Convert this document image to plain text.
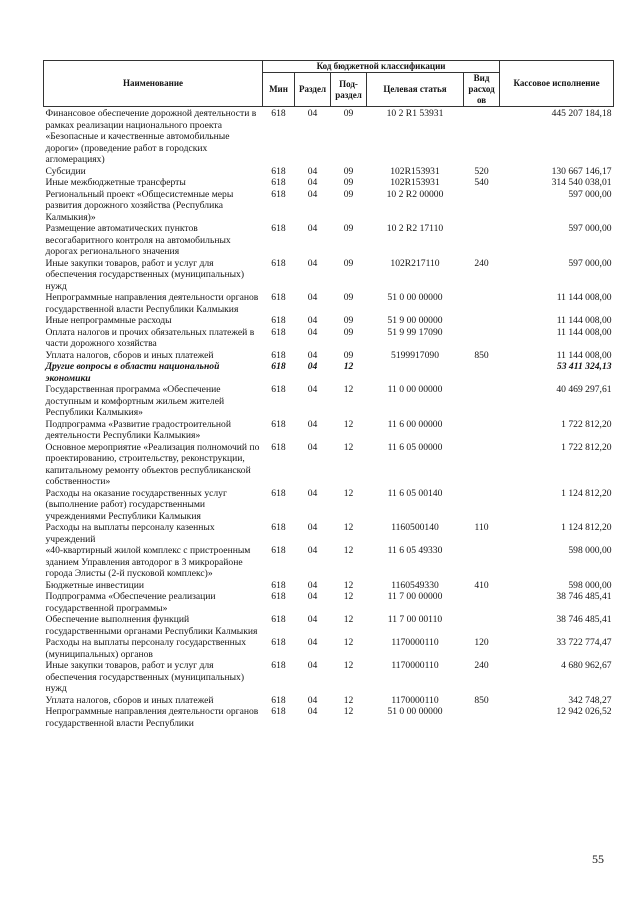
Наименование	Код бюджетной классификации					Кассовое исполнение
	Мин	Раздел	Под-раздел	Целевая статья	Вид расход ов	
Финансовое обеспечение дорожной деятельности в рамках реализации национального проекта «Безопасные и качественные автомобильные дороги» (проведение работ в городских агломерациях)	618	04	09	10 2 R1 53931		445 207 184,18
Субсидии	618	04	09	102R153931	520	130 667 146,17
Иные межбюджетные трансферты	618	04	09	102R153931	540	314 540 038,01
Региональный проект «Общесистемные меры развития дорожного хозяйства (Республика Калмыкия)»	618	04	09	10 2 R2 00000		597 000,00
Размещение автоматических пунктов весогабаритного контроля на автомобильных дорогах регионального значения	618	04	09	10 2 R2 17110		597 000,00
Иные закупки товаров, работ и услуг для обеспечения государственных (муниципальных) нужд	618	04	09	102R217110	240	597 000,00
Непрограммные направления деятельности органов государственной власти Республики Калмыкия	618	04	09	51 0 00 00000		11 144 008,00
Иные непрограммные расходы	618	04	09	51 9 00 00000		11 144 008,00
Оплата налогов и прочих обязательных платежей в части дорожного хозяйства	618	04	09	51 9 99 17090		11 144 008,00
Уплата налогов, сборов и иных платежей	618	04	09	5199917090	850	11 144 008,00
Другие вопросы в области национальной экономики	618	04	12			53 411 324,13
Государственная программа «Обеспечение доступным и комфортным жильем жителей Республики Калмыкия»	618	04	12	11 0 00 00000		40 469 297,61
Подпрограмма «Развитие градостроительной деятельности Республики Калмыкия»	618	04	12	11 6 00 00000		1 722 812,20
Основное мероприятие «Реализация полномочий по проектированию, строительству, реконструкции, капитальному ремонту объектов республиканской собственности»	618	04	12	11 6 05 00000		1 722 812,20
Расходы на оказание государственных услуг (выполнение работ) государственными учреждениями Республики Калмыкия	618	04	12	11 6 05 00140		1 124 812,20
Расходы на выплаты персоналу казенных учреждений	618	04	12	1160500140	110	1 124 812,20
«40-квартирный жилой комплекс с пристроенным зданием Управления автодорог в 3 микрорайоне города Элисты (2-й пусковой комплекс)»	618	04	12	11 6 05 49330		598 000,00
Бюджетные инвестиции	618	04	12	1160549330	410	598 000,00
Подпрограмма «Обеспечение реализации государственной программы»	618	04	12	11 7 00 00000		38 746 485,41
Обеспечение выполнения функций государственными органами Республики Калмыкия	618	04	12	11 7 00 00110		38 746 485,41
Расходы на выплаты персоналу государственных (муниципальных) органов	618	04	12	1170000110	120	33 722 774,47
Иные закупки товаров, работ и услуг для обеспечения государственных (муниципальных) нужд	618	04	12	1170000110	240	4 680 962,67
Уплата налогов, сборов и иных платежей	618	04	12	1170000110	850	342 748,27
Непрограммные направления деятельности органов государственной власти Республики	618	04	12	51 0 00 00000		12 942 026,52
55
